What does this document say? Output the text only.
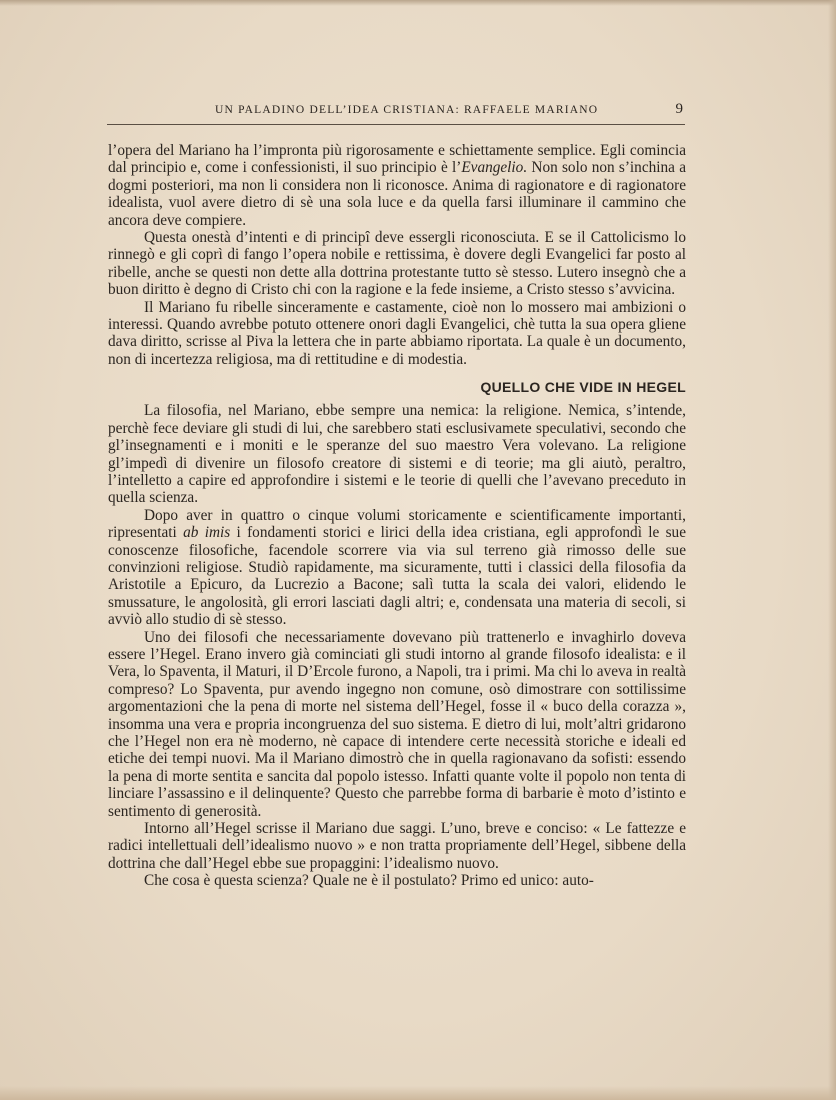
UN PALADINO DELL’IDEA CRISTIANA: RAFFAELE MARIANO	9

l’opera del Mariano ha l’impronta più rigorosamente e schiettamente semplice. Egli comincia dal principio e, come i confessionisti, il suo principio è l’Evangelio. Non solo non s’inchina a dogmi posteriori, ma non li considera non li riconosce. Anima di ragionatore e di ragionatore idealista, vuol avere dietro di sè una sola luce e da quella farsi illuminare il cammino che ancora deve compiere.

Questa onestà d’intenti e di principî deve essergli riconosciuta. E se il Cattolicismo lo rinnegò e gli coprì di fango l’opera nobile e rettissima, è dovere degli Evangelici far posto al ribelle, anche se questi non dette alla dottrina protestante tutto sè stesso. Lutero insegnò che a buon diritto è degno di Cristo chi con la ragione e la fede insieme, a Cristo stesso s’avvicina.

Il Mariano fu ribelle sinceramente e castamente, cioè non lo mossero mai ambizioni o interessi. Quando avrebbe potuto ottenere onori dagli Evangelici, chè tutta la sua opera gliene dava diritto, scrisse al Piva la lettera che in parte abbiamo riportata. La quale è un documento, non di incertezza religiosa, ma di rettitudine e di modestia.

QUELLO CHE VIDE IN HEGEL

La filosofia, nel Mariano, ebbe sempre una nemica: la religione. Nemica, s’intende, perchè fece deviare gli studi di lui, che sarebbero stati esclusivamete speculativi, secondo che gl’insegnamenti e i moniti e le speranze del suo maestro Vera volevano. La religione gl’impedì di divenire un filosofo creatore di sistemi e di teorie; ma gli aiutò, peraltro, l’intelletto a capire ed approfondire i sistemi e le teorie di quelli che l’avevano preceduto in quella scienza.

Dopo aver in quattro o cinque volumi storicamente e scientificamente importanti, ripresentati ab imis i fondamenti storici e lirici della idea cristiana, egli approfondì le sue conoscenze filosofiche, facendole scorrere via via sul terreno già rimosso delle sue convinzioni religiose. Studiò rapidamente, ma sicuramente, tutti i classici della filosofia da Aristotile a Epicuro, da Lucrezio a Bacone; salì tutta la scala dei valori, elidendo le smussature, le angolosità, gli errori lasciati dagli altri; e, condensata una materia di secoli, si avviò allo studio di sè stesso.

Uno dei filosofi che necessariamente dovevano più trattenerlo e invaghirlo doveva essere l’Hegel. Erano invero già cominciati gli studi intorno al grande filosofo idealista: e il Vera, lo Spaventa, il Maturi, il D’Ercole furono, a Napoli, tra i primi. Ma chi lo aveva in realtà compreso? Lo Spaventa, pur avendo ingegno non comune, osò dimostrare con sottilissime argomentazioni che la pena di morte nel sistema dell’Hegel, fosse il « buco della corazza », insomma una vera e propria incongruenza del suo sistema. E dietro di lui, molt’altri gridarono che l’Hegel non era nè moderno, nè capace di intendere certe necessità storiche e ideali ed etiche dei tempi nuovi. Ma il Mariano dimostrò che in quella ragionavano da sofisti: essendo la pena di morte sentita e sancita dal popolo istesso. Infatti quante volte il popolo non tenta di linciare l’assassino e il delinquente? Questo che parrebbe forma di barbarie è moto d’istinto e sentimento di generosità.

Intorno all’Hegel scrisse il Mariano due saggi. L’uno, breve e conciso: « Le fattezze e radici intellettuali dell’idealismo nuovo » e non tratta propriamente dell’Hegel, sibbene della dottrina che dall’Hegel ebbe sue propaggini: l’idealismo nuovo.

Che cosa è questa scienza? Quale ne è il postulato? Primo ed unico: auto-
